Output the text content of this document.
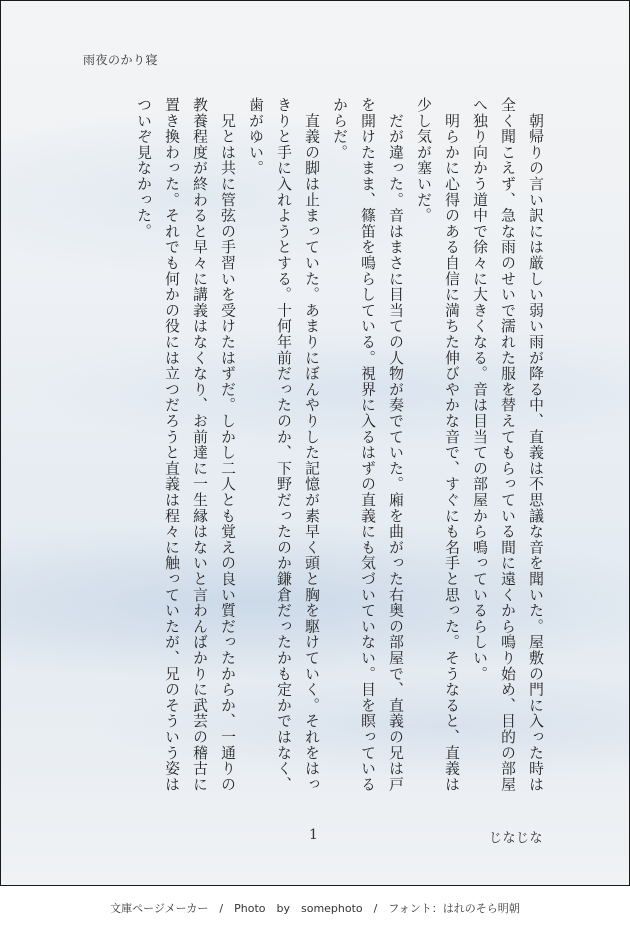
雨夜のかり寝

　朝帰りの言い訳には厳しい弱い雨が降る中、直義は不思議な音を聞いた。屋敷の門に入った時は全く聞こえず、急な雨のせいで濡れた服を替えてもらっている間に遠くから鳴り始め、目的の部屋へ独り向かう道中で徐々に大きくなる。音は目当ての部屋から鳴っているらしい。

　明らかに心得のある自信に満ちた伸びやかな音で、すぐにも名手と思った。そうなると、直義は少し気が塞いだ。

　だが違った。音はまさに目当ての人物が奏でていた。廂を曲がった右奥の部屋で、直義の兄は戸を開けたまま、篠笛を鳴らしている。視界に入るはずの直義にも気づいていない。目を瞑っているからだ。

　直義の脚は止まっていた。あまりにぼんやりした記憶が素早く頭と胸を駆けていく。それをはっきりと手に入れようとする。十何年前だったのか、下野だったのか鎌倉だったかも定かではなく、歯がゆい。

　兄とは共に管弦の手習いを受けたはずだ。しかし二人とも覚えの良い質だったからか、一通りの教養程度が終わると早々に講義はなくなり、お前達に一生縁はないと言わんばかりに武芸の稽古に置き換わった。それでも何かの役には立つだろうと直義は程々に触っていたが、兄のそういう姿はついぞ見なかった。

1	じなじな
文庫ページメーカー　/　Photo　by　somephoto　/　フォント：はれのそら明朝
